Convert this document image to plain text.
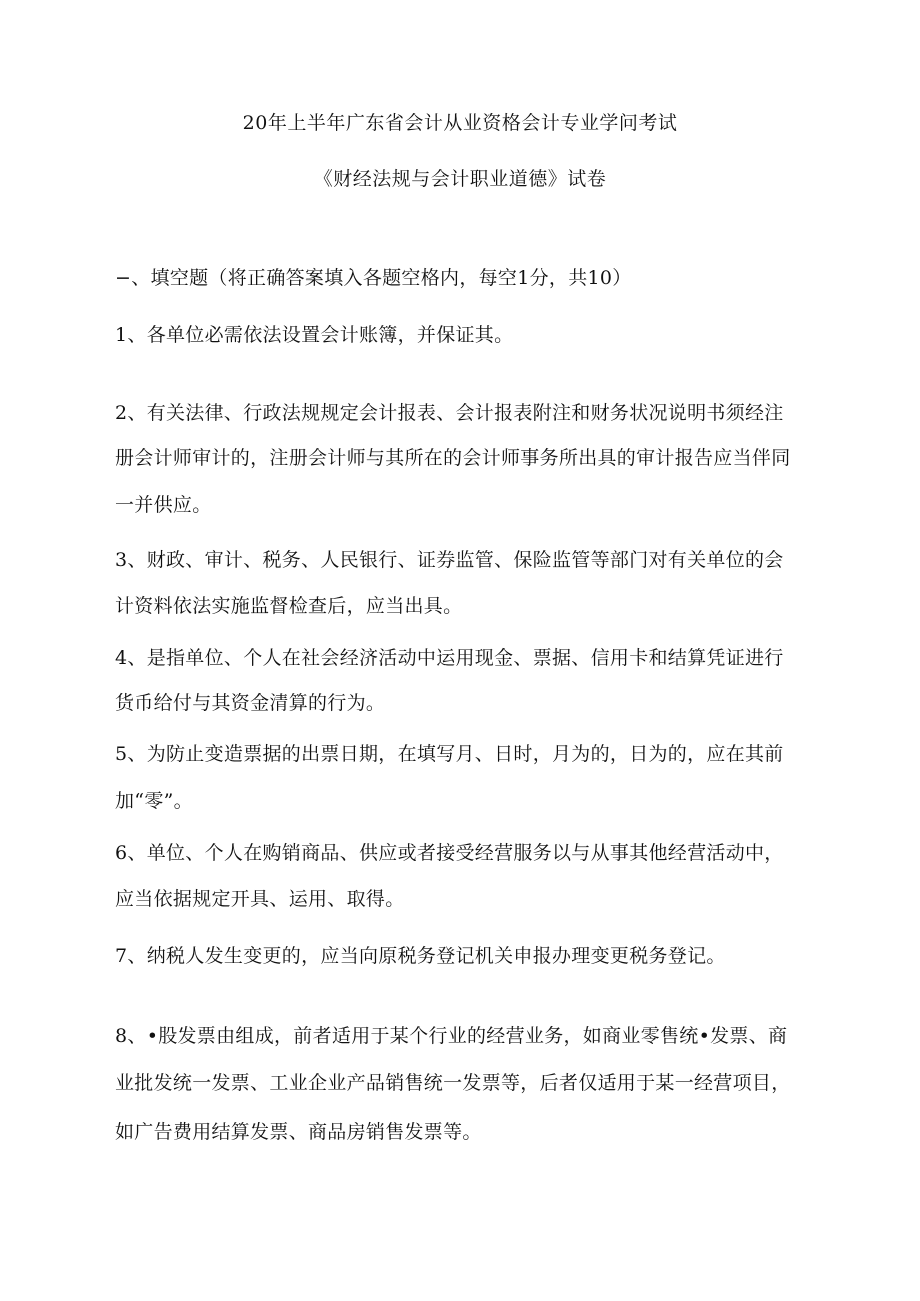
20年上半年广东省会计从业资格会计专业学问考试
《财经法规与会计职业道德》试卷
−、填空题（将正确答案填入各题空格内，每空1分，共10）
1、各单位必需依法设置会计账簿，并保证其。
2、有关法律、行政法规规定会计报表、会计报表附注和财务状况说明书须经注
册会计师审计的，注册会计师与其所在的会计师事务所出具的审计报告应当伴同
一并供应。
3、财政、审计、税务、人民银行、证券监管、保险监管等部门对有关单位的会
计资料依法实施监督检查后，应当出具。
4、是指单位、个人在社会经济活动中运用现金、票据、信用卡和结算凭证进行
货币给付与其资金清算的行为。
5、为防止变造票据的出票日期，在填写月、日时，月为的，日为的，应在其前
加“零”。
6、单位、个人在购销商品、供应或者接受经营服务以与从事其他经营活动中，
应当依据规定开具、运用、取得。
7、纳税人发生变更的，应当向原税务登记机关申报办理变更税务登记。
8、•股发票由组成，前者适用于某个行业的经营业务，如商业零售统•发票、商
业批发统一发票、工业企业产品销售统一发票等，后者仅适用于某一经营项目，
如广告费用结算发票、商品房销售发票等。
